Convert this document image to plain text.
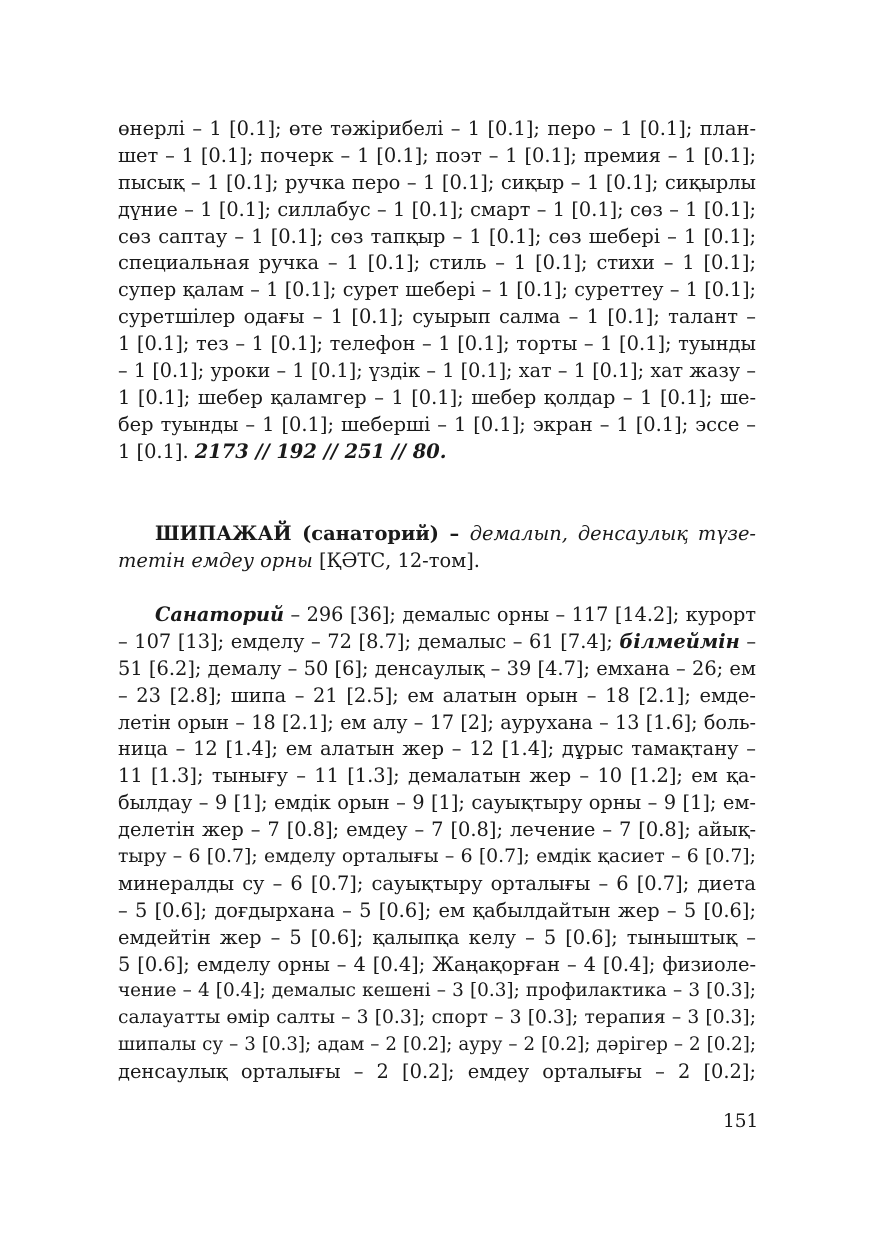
өнерлі – 1 [0.1]; өте тәжірибелі – 1 [0.1]; перо – 1 [0.1]; план-
шет – 1 [0.1]; почерк – 1 [0.1]; поэт – 1 [0.1]; премия – 1 [0.1];
пысық – 1 [0.1]; ручка перо – 1 [0.1]; сиқыр – 1 [0.1]; сиқырлы
дүние – 1 [0.1]; силлабус – 1 [0.1]; смарт – 1 [0.1]; сөз – 1 [0.1];
сөз саптау – 1 [0.1]; сөз тапқыр – 1 [0.1]; сөз шебері – 1 [0.1];
специальная ручка – 1 [0.1]; стиль – 1 [0.1]; стихи – 1 [0.1];
супер қалам – 1 [0.1]; сурет шебері – 1 [0.1]; суреттеу – 1 [0.1];
суретшілер одағы – 1 [0.1]; суырып салма – 1 [0.1]; талант –
1 [0.1]; тез – 1 [0.1]; телефон – 1 [0.1]; торты – 1 [0.1]; туынды
– 1 [0.1]; уроки – 1 [0.1]; үздік – 1 [0.1]; хат – 1 [0.1]; хат жазу –
1 [0.1]; шебер қаламгер – 1 [0.1]; шебер қолдар – 1 [0.1]; ше-
бер туынды – 1 [0.1]; шеберші – 1 [0.1]; экран – 1 [0.1]; эссе –
1 [0.1]. 2173 // 192 // 251 // 80.
ШИПАЖАЙ (санаторий) – демалып, денсаулық түзе-
тетін емдеу орны [ҚӘТС, 12-том].
Санаторий – 296 [36]; демалыс орны – 117 [14.2]; курорт
– 107 [13]; емделу – 72 [8.7]; демалыс – 61 [7.4]; білмеймін –
51 [6.2]; демалу – 50 [6]; денсаулық – 39 [4.7]; емхана – 26; ем
– 23 [2.8]; шипа – 21 [2.5]; ем алатын орын – 18 [2.1]; емде-
летін орын – 18 [2.1]; ем алу – 17 [2]; аурухана – 13 [1.6]; боль-
ница – 12 [1.4]; ем алатын жер – 12 [1.4]; дұрыс тамақтану –
11 [1.3]; тынығу – 11 [1.3]; демалатын жер – 10 [1.2]; ем қа-
былдау – 9 [1]; емдік орын – 9 [1]; сауықтыру орны – 9 [1]; ем-
делетін жер – 7 [0.8]; емдеу – 7 [0.8]; лечение – 7 [0.8]; айық-
тыру – 6 [0.7]; емделу орталығы – 6 [0.7]; емдік қасиет – 6 [0.7];
минералды су – 6 [0.7]; сауықтыру орталығы – 6 [0.7]; диета
– 5 [0.6]; доғдырхана – 5 [0.6]; ем қабылдайтын жер – 5 [0.6];
емдейтін жер – 5 [0.6]; қалыпқа келу – 5 [0.6]; тыныштық –
5 [0.6]; емделу орны – 4 [0.4]; Жаңақорған – 4 [0.4]; физиоле-
чение – 4 [0.4]; демалыс кешені – 3 [0.3]; профилактика – 3 [0.3];
салауатты өмір салты – 3 [0.3]; спорт – 3 [0.3]; терапия – 3 [0.3];
шипалы су – 3 [0.3]; адам – 2 [0.2]; ауру – 2 [0.2]; дәрігер – 2 [0.2];
денсаулық орталығы – 2 [0.2]; емдеу орталығы – 2 [0.2];
151
